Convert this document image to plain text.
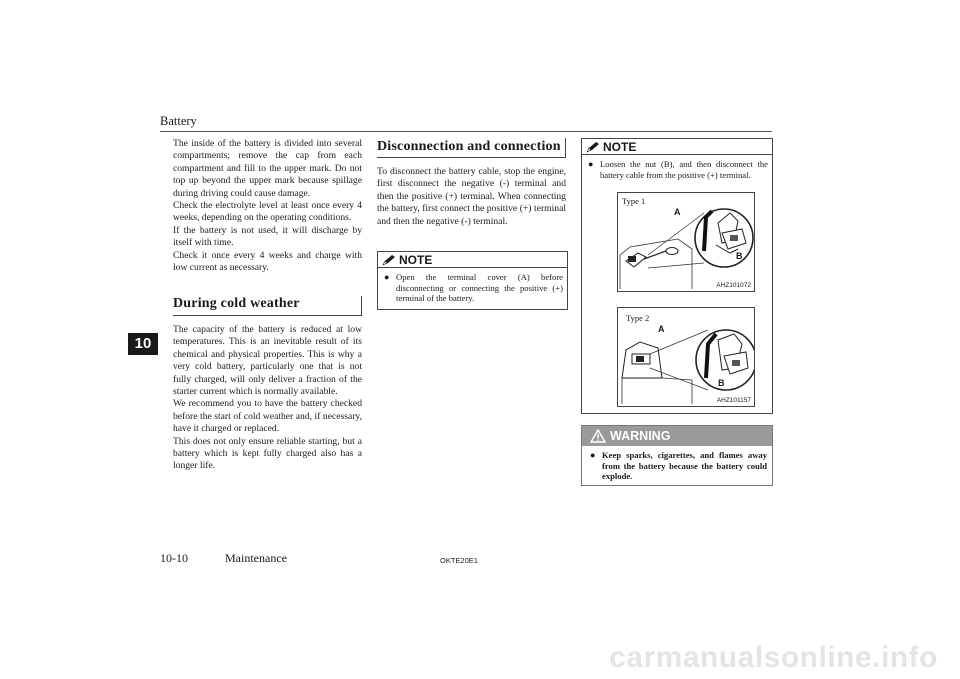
Battery
10

The inside of the battery is divided into several compartments; remove the cap from each compartment and fill to the upper mark. Do not top up beyond the upper mark because spillage during driving could cause damage.

Check the electrolyte level at least once every 4 weeks, depending on the operating conditions.

If the battery is not used, it will discharge by itself with time.

Check it once every 4 weeks and charge with low current as necessary.

During cold weather

The capacity of the battery is reduced at low temperatures. This is an inevitable result of its chemical and physical properties. This is why a very cold battery, particularly one that is not fully charged, will only deliver a fraction of the starter current which is normally available.

We recommend you to have the battery checked before the start of cold weather and, if necessary, have it charged or replaced.

This does not only ensure reliable starting, but a battery which is kept fully charged also has a longer life.

Disconnection and connection

To disconnect the battery cable, stop the engine, first disconnect the negative (-) terminal and then the positive (+) terminal. When connecting the battery, first connect the positive (+) terminal and then the negative (-) terminal.

NOTE
● Open the terminal cover (A) before disconnecting or connecting the positive (+) terminal of the battery.
NOTE
● Loosen the nut (B), and then disconnect the battery cable from the positive (+) terminal.
Type 1
A
B
AHZ101072
Type 2
A
B
AHZ101157
WARNING
● Keep sparks, cigarettes, and flames away from the battery because the battery could explode.
10-10	Maintenance	OKTE20E1
carmanualsonline.info
